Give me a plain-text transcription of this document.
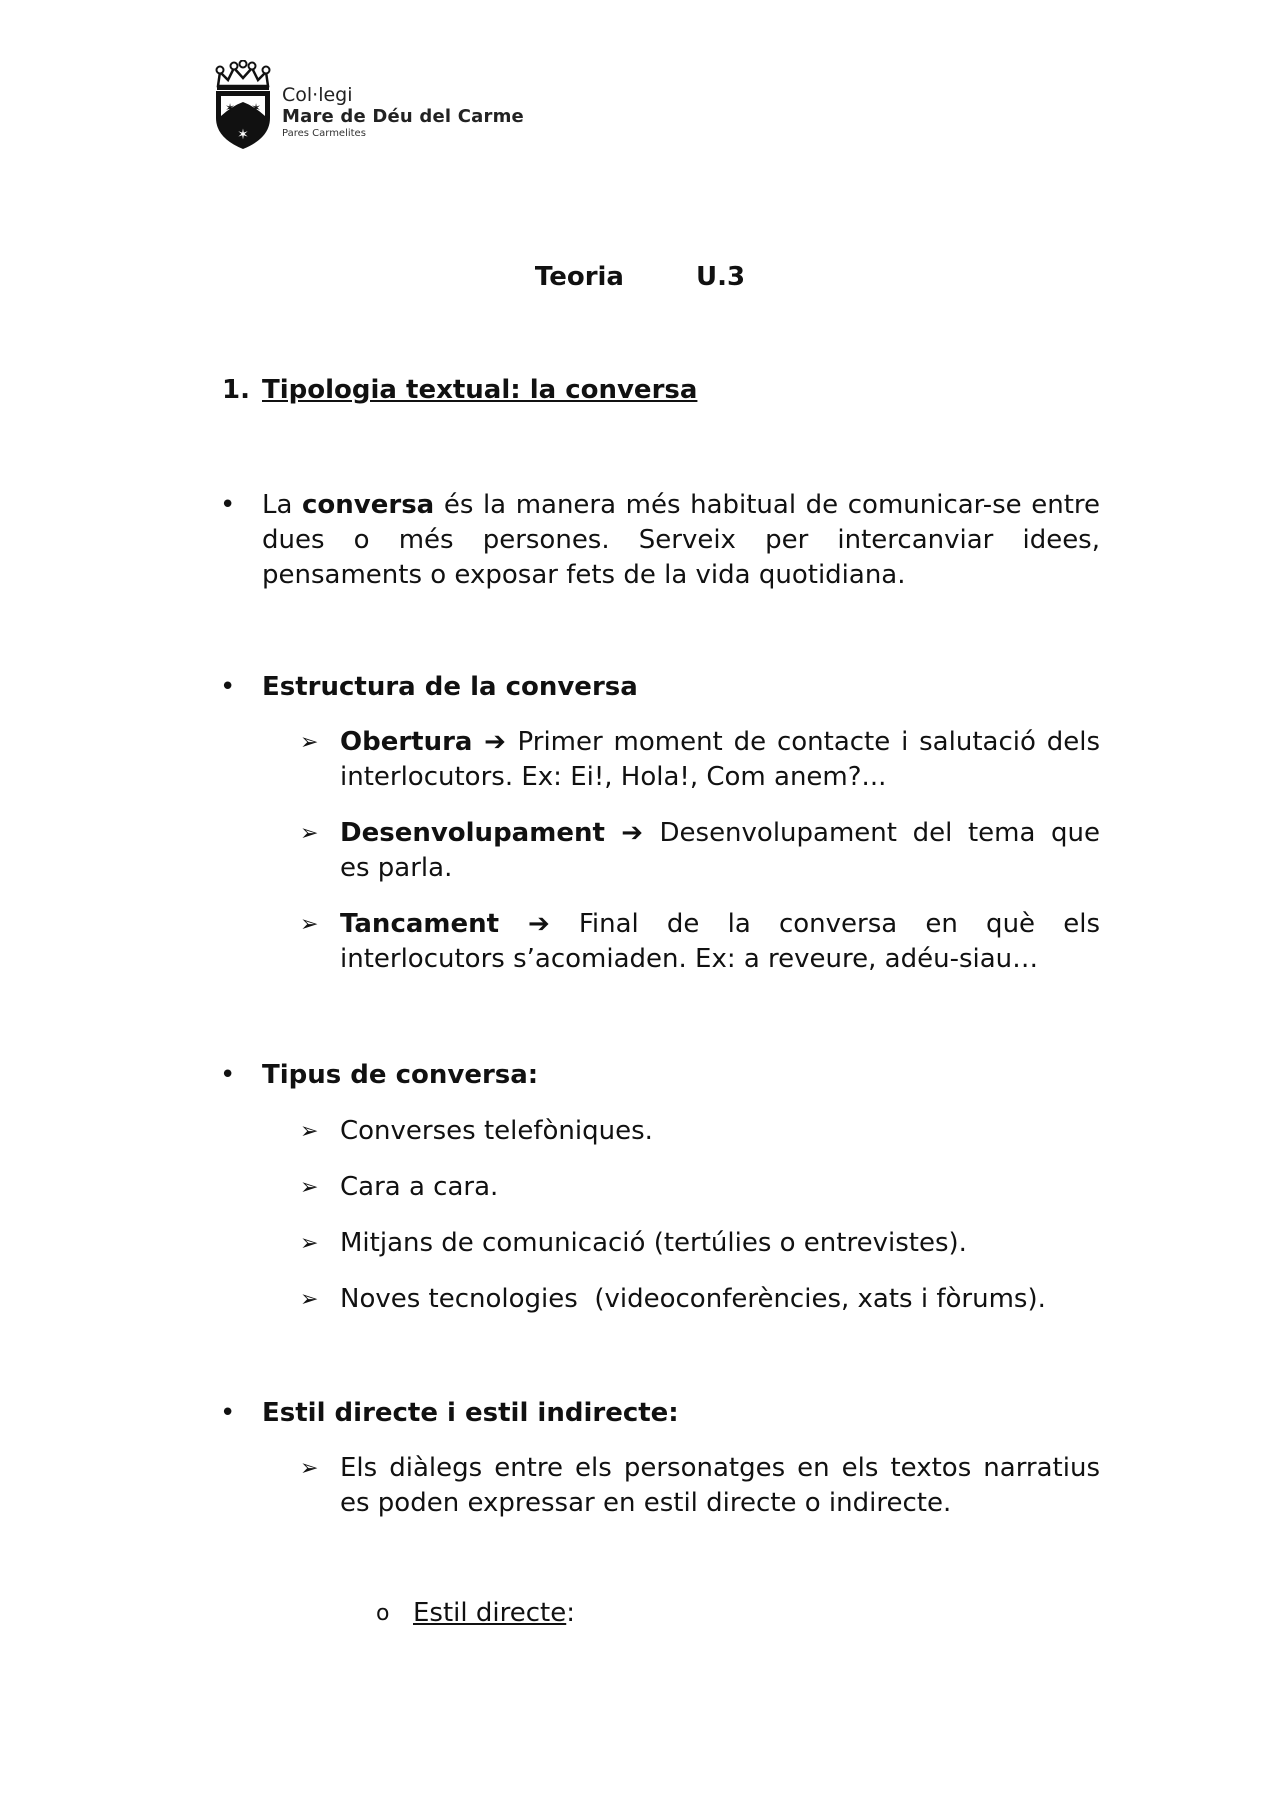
✶ ✶
✶
Col·legi
Mare de Déu del Carme
Pares Carmelites
Teoria	U.3
1. Tipologia textual: la conversa
• La conversa és la manera més habitual de comunicar-se entre dues o més persones. Serveix per intercanviar idees, pensaments o exposar fets de la vida quotidiana.
• Estructura de la conversa
➢ Obertura ➔ Primer moment de contacte i salutació dels interlocutors. Ex: Ei!, Hola!, Com anem?...
➢ Desenvolupament ➔ Desenvolupament del tema que es parla.
➢ Tancament ➔ Final de la conversa en què els interlocutors s’acomiaden. Ex: a reveure, adéu-siau…
• Tipus de conversa:
➢ Converses telefòniques.
➢ Cara a cara.
➢ Mitjans de comunicació (tertúlies o entrevistes).
➢ Noves tecnologies  (videoconferències, xats i fòrums).
• Estil directe i estil indirecte:
➢ Els diàlegs entre els personatges en els textos narratius es poden expressar en estil directe o indirecte.
o Estil directe:
